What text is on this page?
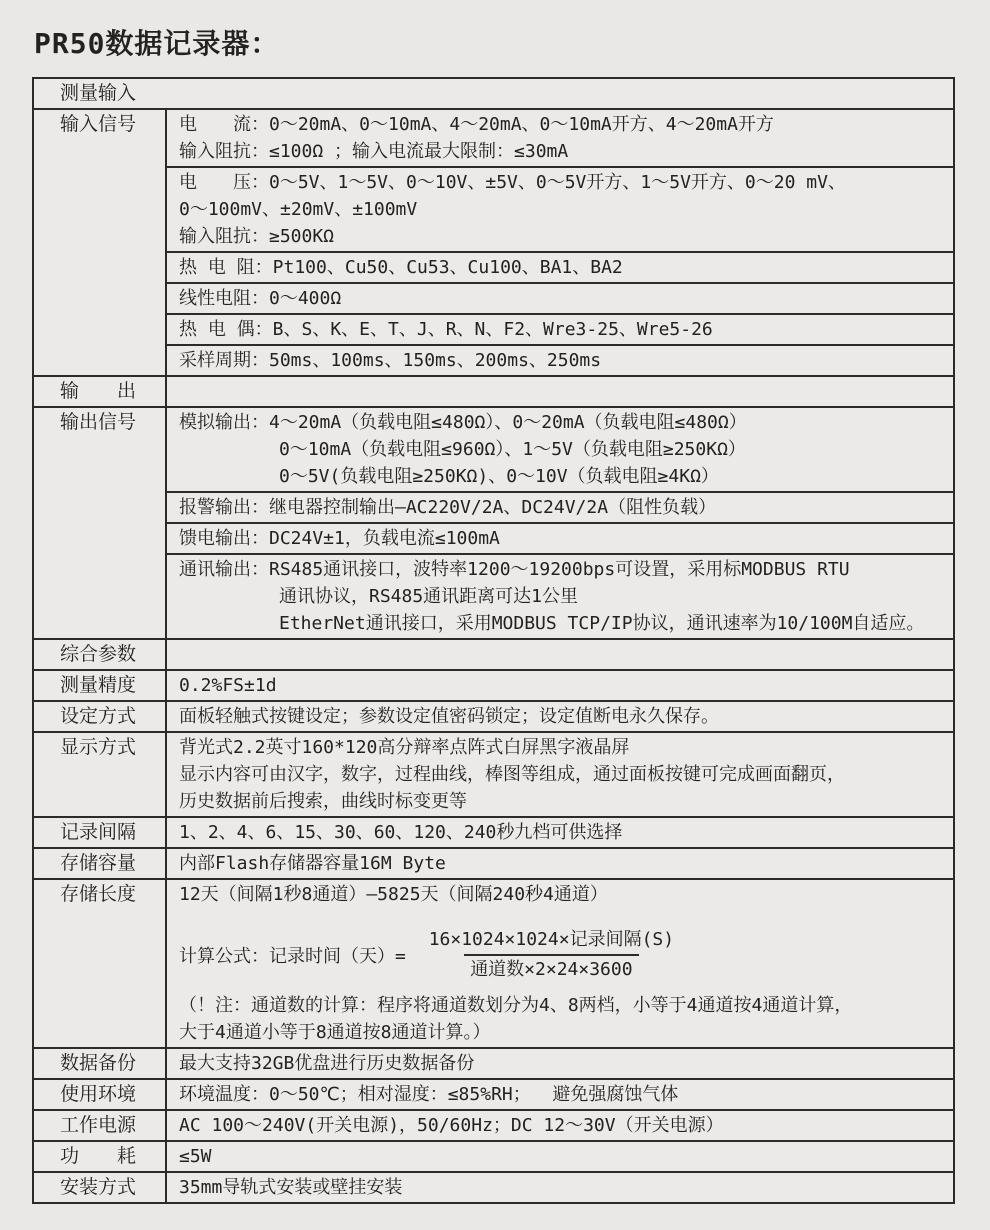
PR50数据记录器：
测量输入
输入信号	电　　流：0～20mA、0～10mA、4～20mA、0～10mA开方、4～20mA开方
输入阻抗：≤100Ω ；输入电流最大限制：≤30mA
电　　压：0～5V、1～5V、0～10V、±5V、0～5V开方、1～5V开方、0～20 mV、
0～100mV、±20mV、±100mV
输入阻抗：≥500KΩ
热 电 阻：Pt100、Cu50、Cu53、Cu100、BA1、BA2
线性电阻：0～400Ω
热 电 偶：B、S、K、E、T、J、R、N、F2、Wre3-25、Wre5-26
采样周期：50ms、100ms、150ms、200ms、250ms
输　　出
输出信号	模拟输出：4～20mA（负载电阻≤480Ω）、0～20mA（负载电阻≤480Ω）
0～10mA（负载电阻≤960Ω）、1～5V（负载电阻≥250KΩ）
0～5V(负载电阻≥250KΩ)、0～10V（负载电阻≥4KΩ）
报警输出：继电器控制输出—AC220V/2A、DC24V/2A（阻性负载）
馈电输出：DC24V±1，负载电流≤100mA
通讯输出：RS485通讯接口，波特率1200～19200bps可设置，采用标MODBUS RTU
通讯协议，RS485通讯距离可达1公里
EtherNet通讯接口，采用MODBUS TCP/IP协议，通讯速率为10/100M自适应。
综合参数
测量精度	0.2%FS±1d
设定方式	面板轻触式按键设定；参数设定值密码锁定；设定值断电永久保存。
显示方式	背光式2.2英寸160*120高分辩率点阵式白屏黑字液晶屏
显示内容可由汉字，数字，过程曲线，棒图等组成，通过面板按键可完成画面翻页，
历史数据前后搜索，曲线时标变更等
记录间隔	1、2、4、6、15、30、60、120、240秒九档可供选择
存储容量	内部Flash存储器容量16M Byte
存储长度	12天（间隔1秒8通道）—5825天（间隔240秒4通道）
计算公式：记录时间（天）= $\frac{\text{16×1024×1024×记录间隔(S)}}{\text{通道数×2×24×3600}}$
（！注：通道数的计算：程序将通道数划分为4、8两档，小等于4通道按4通道计算，
大于4通道小等于8通道按8通道计算。）
数据备份	最大支持32GB优盘进行历史数据备份
使用环境	环境温度：0～50℃；相对湿度：≤85%RH；  避免强腐蚀气体
工作电源	AC 100～240V(开关电源)，50/60Hz；DC 12～30V（开关电源）
功　　耗	≤5W
安装方式	35mm导轨式安装或壁挂安装
